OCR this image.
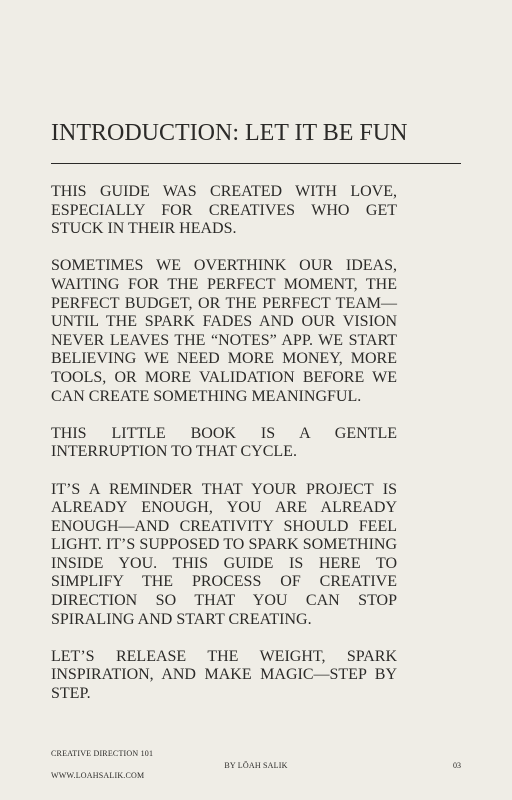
INTRODUCTION: LET IT BE FUN

THIS GUIDE WAS CREATED WITH LOVE, ESPECIALLY FOR CREATIVES WHO GET STUCK IN THEIR HEADS.

SOMETIMES WE OVERTHINK OUR IDEAS, WAITING FOR THE PERFECT MOMENT, THE PERFECT BUDGET, OR THE PERFECT TEAM—UNTIL THE SPARK FADES AND OUR VISION NEVER LEAVES THE “NOTES” APP. WE START BELIEVING WE NEED MORE MONEY, MORE TOOLS, OR MORE VALIDATION BEFORE WE CAN CREATE SOMETHING MEANINGFUL.

THIS LITTLE BOOK IS A GENTLE INTERRUPTION TO THAT CYCLE.

IT’S A REMINDER THAT YOUR PROJECT IS ALREADY ENOUGH, YOU ARE ALREADY ENOUGH—AND CREATIVITY SHOULD FEEL LIGHT. IT’S SUPPOSED TO SPARK SOMETHING INSIDE YOU. THIS GUIDE IS HERE TO SIMPLIFY THE PROCESS OF CREATIVE DIRECTION SO THAT YOU CAN STOP SPIRALING AND START CREATING.

LET’S RELEASE THE WEIGHT, SPARK INSPIRATION, AND MAKE MAGIC—STEP BY STEP.

CREATIVE DIRECTION 101
WWW.LOAHSALIK.COM
BY LŌAH SALIK	03
